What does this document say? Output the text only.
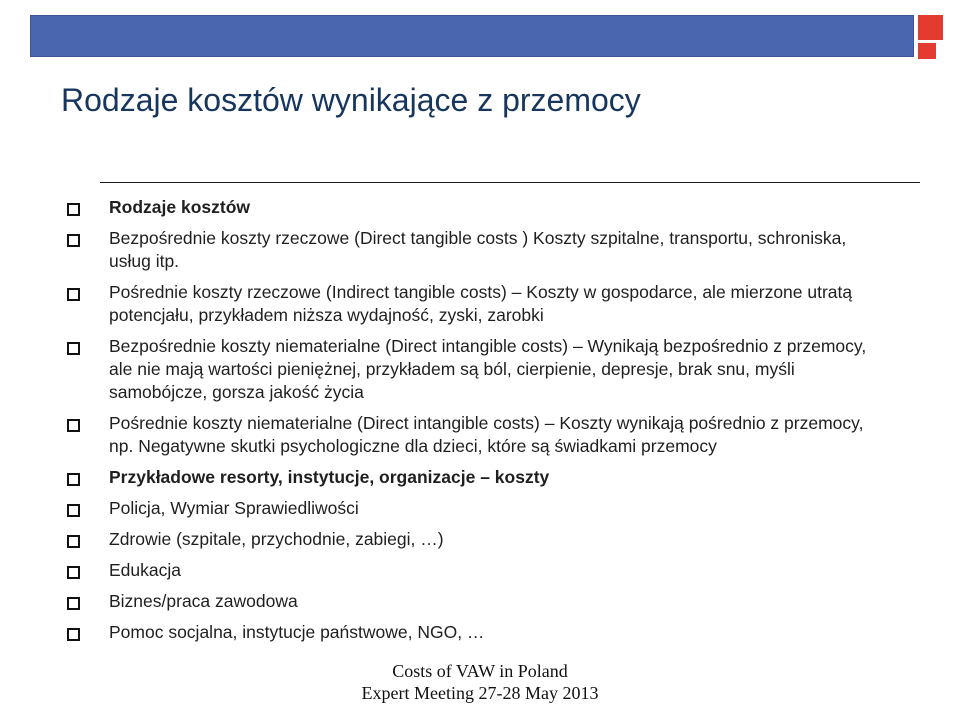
Rodzaje kosztów wynikające z przemocy
Rodzaje kosztów
Bezpośrednie koszty rzeczowe (Direct tangible costs ) Koszty szpitalne, transportu, schroniska, usług itp.
Pośrednie koszty rzeczowe (Indirect tangible costs) – Koszty w gospodarce, ale mierzone utratą potencjału, przykładem niższa wydajność, zyski, zarobki
Bezpośrednie koszty niematerialne (Direct intangible costs) – Wynikają bezpośrednio z przemocy, ale nie mają wartości pieniężnej, przykładem są ból, cierpienie, depresje, brak snu, myśli samobójcze, gorsza jakość życia
Pośrednie koszty niematerialne (Direct intangible costs) – Koszty wynikają pośrednio z przemocy, np. Negatywne skutki psychologiczne dla dzieci, które są świadkami przemocy
Przykładowe resorty, instytucje, organizacje – koszty
Policja, Wymiar Sprawiedliwości
Zdrowie (szpitale, przychodnie, zabiegi, …)
Edukacja
Biznes/praca zawodowa
Pomoc socjalna, instytucje państwowe, NGO, …
Costs of VAW in Poland
Expert Meeting 27-28 May 2013
